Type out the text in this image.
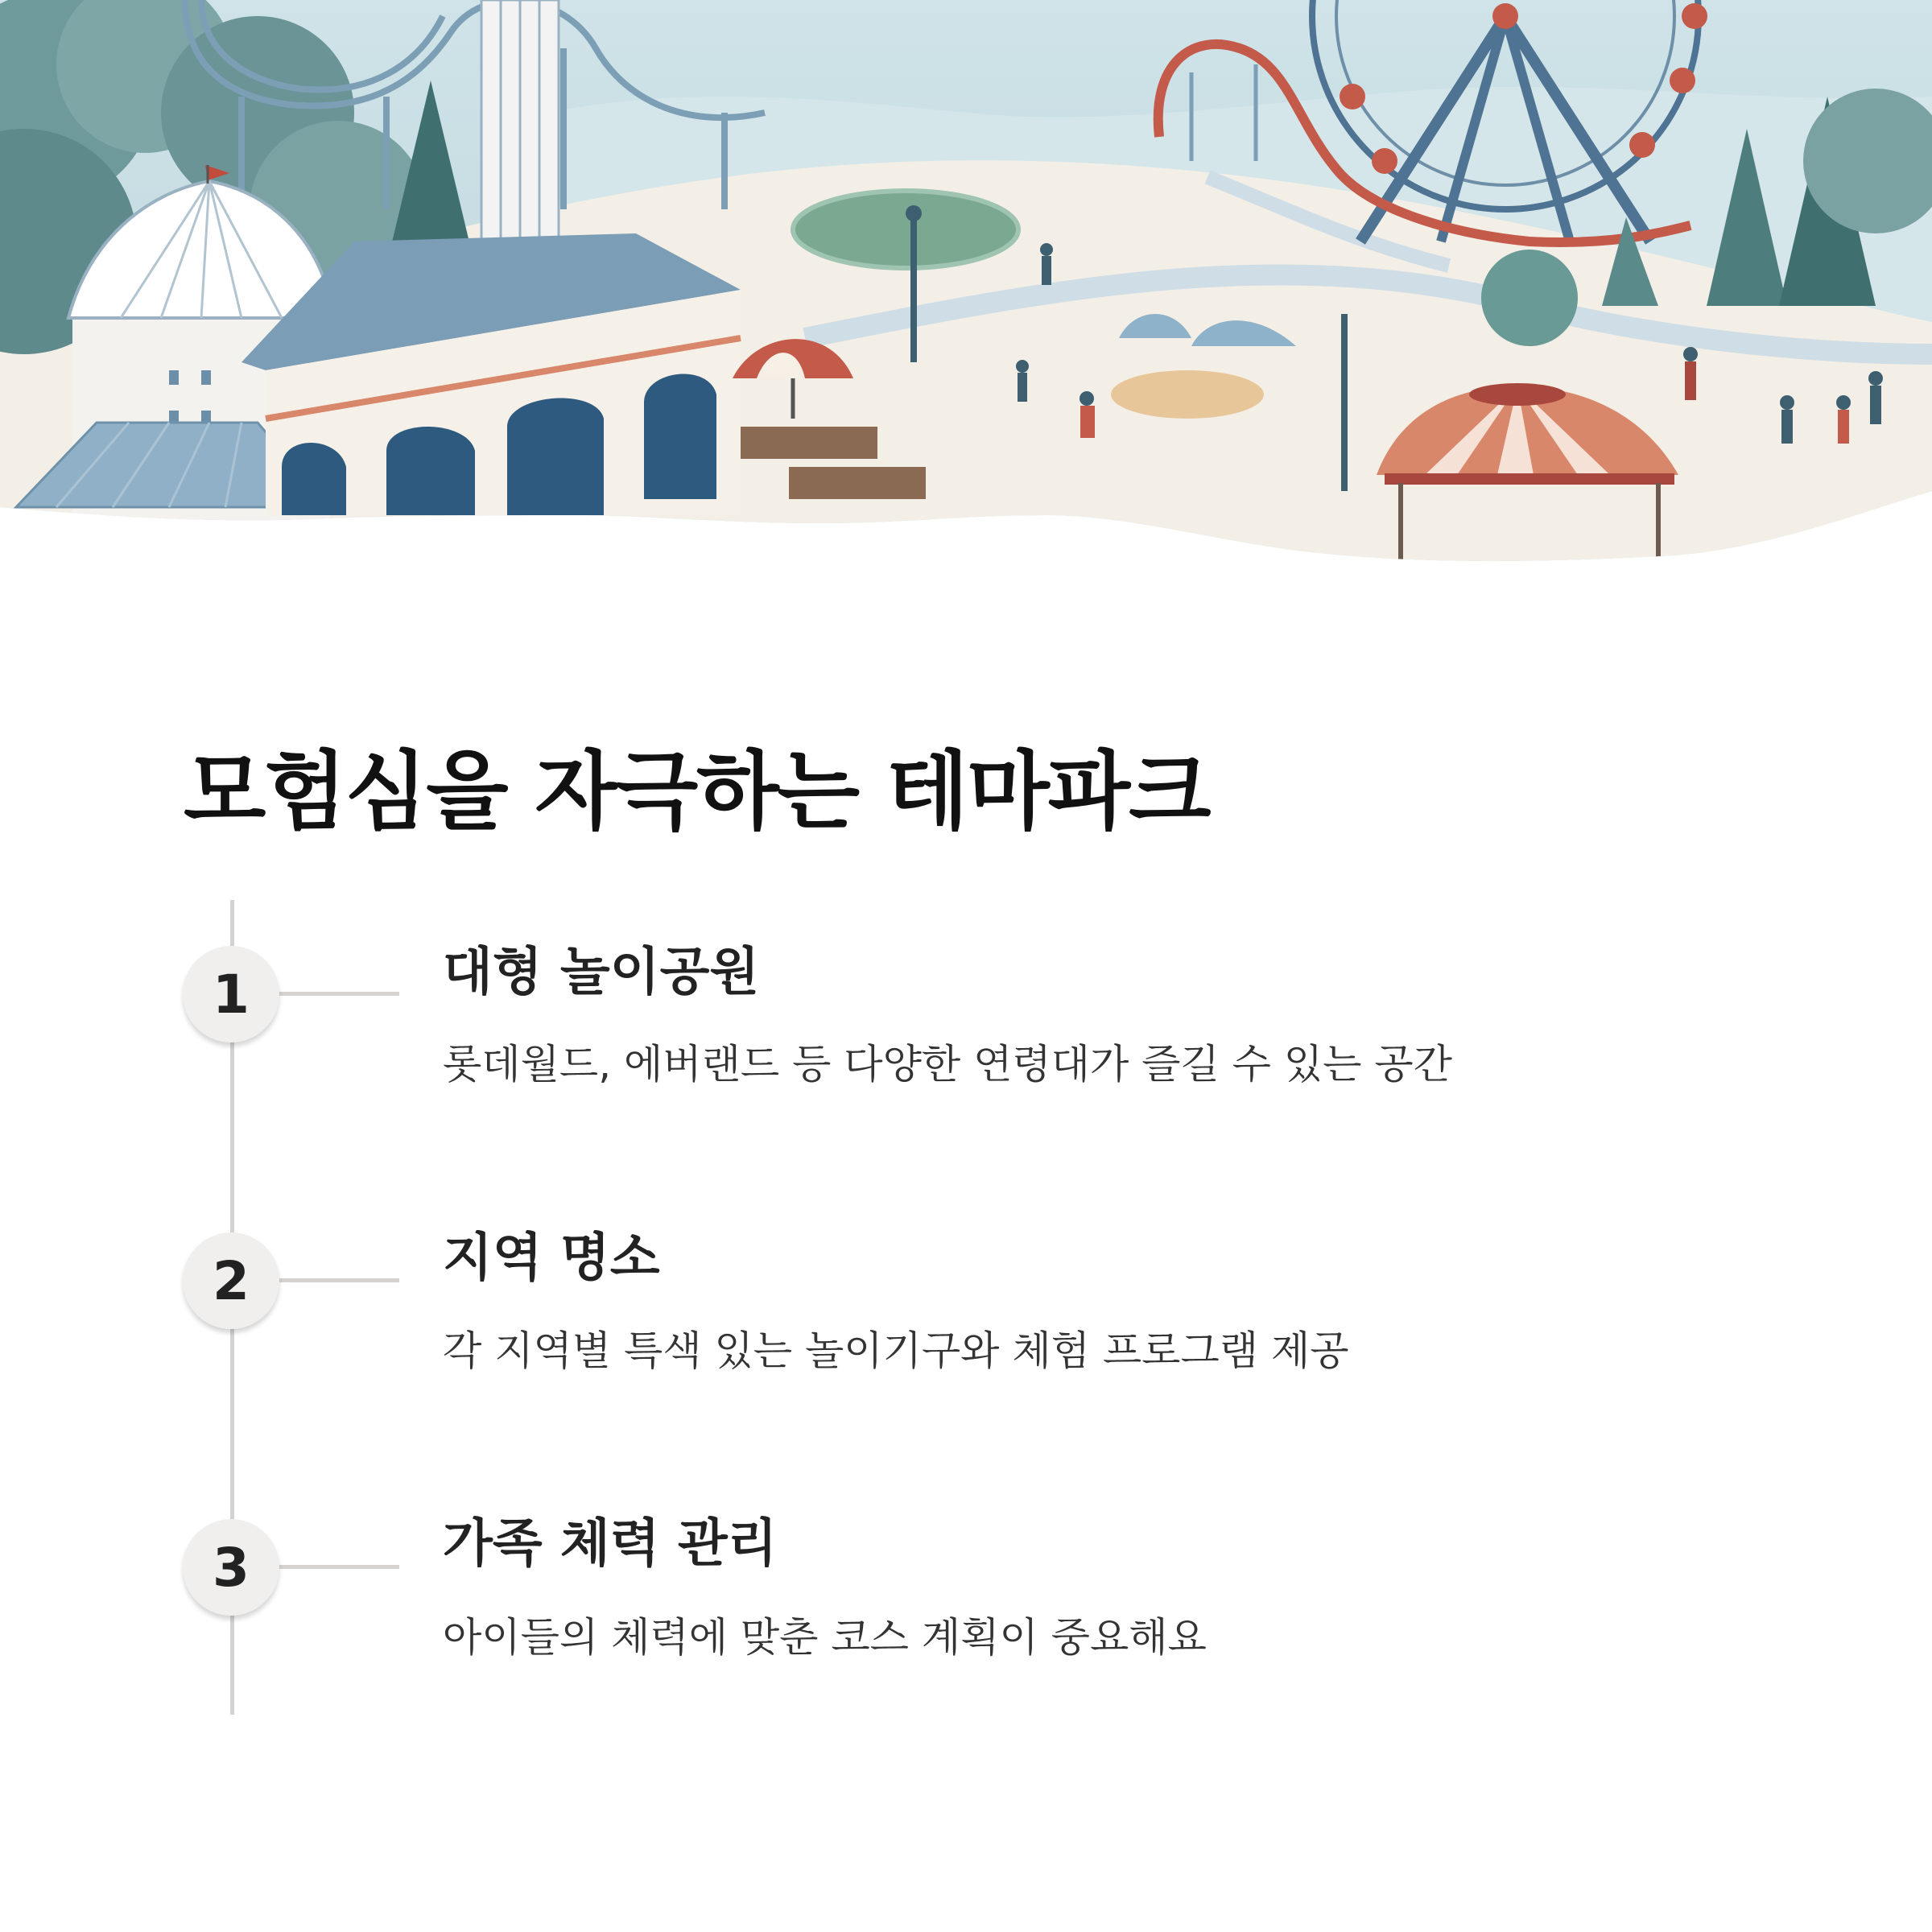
모험심을 자극하는 테마파크
1	대형 놀이공원

롯데월드, 에버랜드 등 다양한 연령대가 즐길 수 있는 공간

2	지역 명소

각 지역별 특색 있는 놀이기구와 체험 프로그램 제공

3	가족 체력 관리

아이들의 체력에 맞춘 코스 계획이 중요해요
